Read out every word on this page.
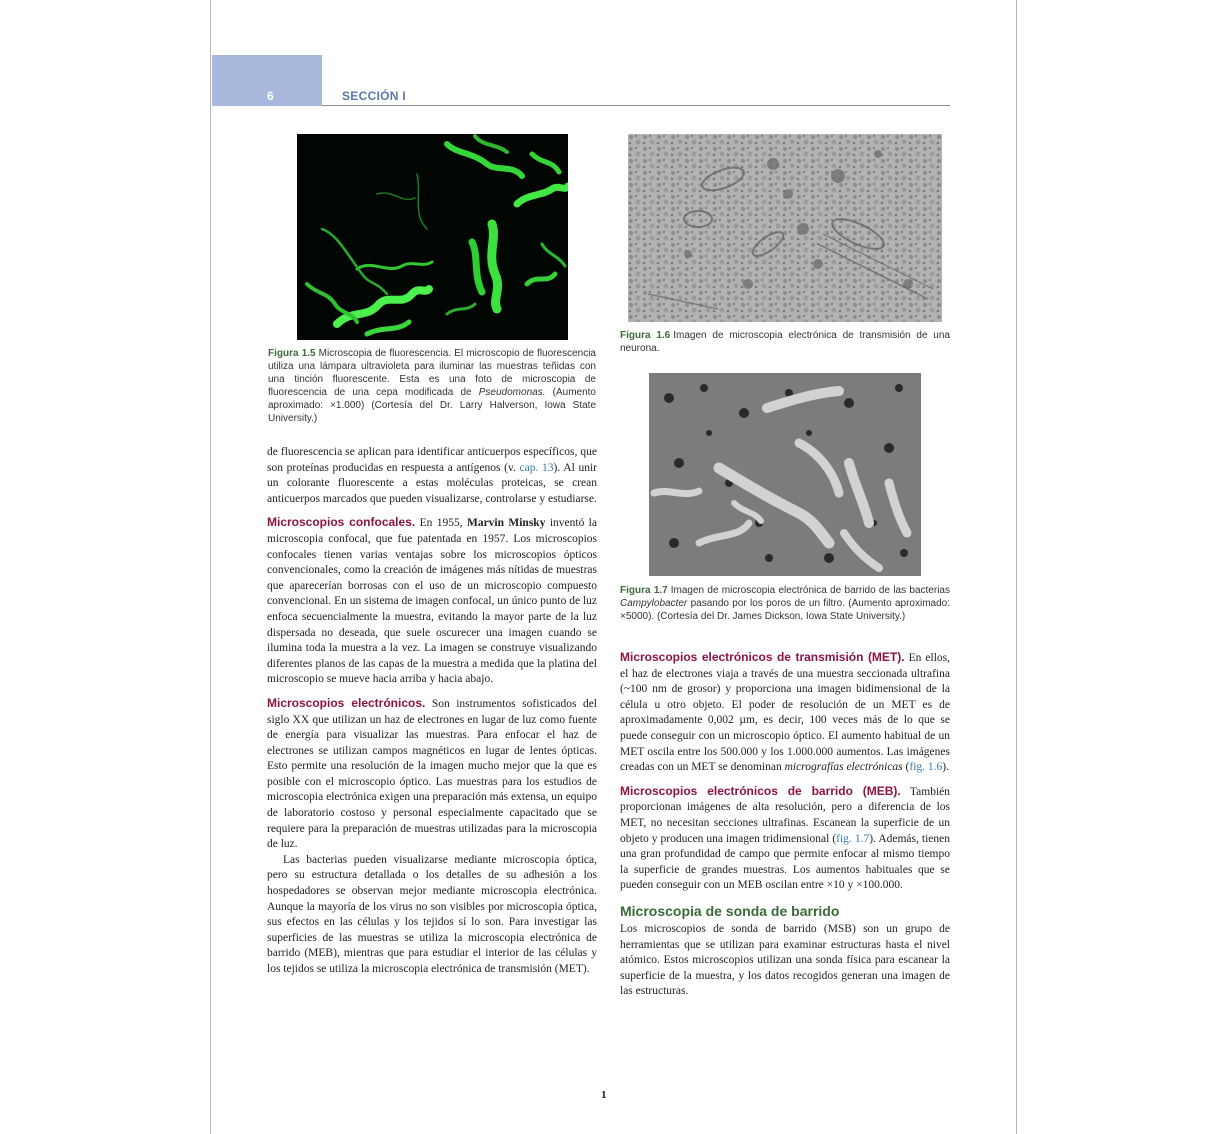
6	SECCIÓN I
Figura 1.5 Microscopia de fluorescencia. El microscopio de fluorescencia utiliza una lámpara ultravioleta para iluminar las muestras teñidas con una tinción fluorescente. Esta es una foto de microscopia de fluorescencia de una cepa modificada de Pseudomonas. (Aumento aproximado: ×1.000) (Cortesía del Dr. Larry Halverson, Iowa State University.)
Figura 1.6 Imagen de microscopia electrónica de transmisión de una neurona.
Figura 1.7 Imagen de microscopia electrónica de barrido de las bacterias Campylobacter pasando por los poros de un filtro. (Aumento aproximado: ×5000). (Cortesía del Dr. James Dickson, Iowa State University.)

de fluorescencia se aplican para identificar anticuerpos específicos, que son proteínas producidas en respuesta a antígenos (v. cap. 13). Al unir un colorante fluorescente a estas moléculas proteicas, se crean anticuerpos marcados que pueden visualizarse, controlarse y estudiarse.

Microscopios confocales. En 1955, Marvin Minsky inventó la microscopia confocal, que fue patentada en 1957. Los microscopios confocales tienen varias ventajas sobre los microscopios ópticos convencionales, como la creación de imágenes más nítidas de muestras que aparecerían borrosas con el uso de un microscopio compuesto convencional. En un sistema de imagen confocal, un único punto de luz enfoca secuencialmente la muestra, evitando la mayor parte de la luz dispersada no deseada, que suele oscurecer una imagen cuando se ilumina toda la muestra a la vez. La imagen se construye visualizando diferentes planos de las capas de la muestra a medida que la platina del microscopio se mueve hacia arriba y hacia abajo.

Microscopios electrónicos. Son instrumentos sofisticados del siglo XX que utilizan un haz de electrones en lugar de luz como fuente de energía para visualizar las muestras. Para enfocar el haz de electrones se utilizan campos magnéticos en lugar de lentes ópticas. Esto permite una resolución de la imagen mucho mejor que la que es posible con el microscopio óptico. Las muestras para los estudios de microscopia electrónica exigen una preparación más extensa, un equipo de laboratorio costoso y personal especialmente capacitado que se requiere para la preparación de muestras utilizadas para la microscopia de luz.

Las bacterias pueden visualizarse mediante microscopia óptica, pero su estructura detallada o los detalles de su adhesión a los hospedadores se observan mejor mediante microscopia electrónica. Aunque la mayoría de los virus no son visibles por microscopia óptica, sus efectos en las células y los tejidos sí lo son. Para investigar las superficies de las muestras se utiliza la microscopia electrónica de barrido (MEB), mientras que para estudiar el interior de las células y los tejidos se utiliza la microscopia electrónica de transmisión (MET).

Microscopios electrónicos de transmisión (MET). En ellos, el haz de electrones viaja a través de una muestra seccionada ultrafina (~100 nm de grosor) y proporciona una imagen bidimensional de la célula u otro objeto. El poder de resolución de un MET es de aproximadamente 0,002 µm, es decir, 100 veces más de lo que se puede conseguir con un microscopio óptico. El aumento habitual de un MET oscila entre los 500.000 y los 1.000.000 aumentos. Las imágenes creadas con un MET se denominan micrografías electrónicas (fig. 1.6).

Microscopios electrónicos de barrido (MEB). También proporcionan imágenes de alta resolución, pero a diferencia de los MET, no necesitan secciones ultrafinas. Escanean la superficie de un objeto y producen una imagen tridimensional (fig. 1.7). Además, tienen una gran profundidad de campo que permite enfocar al mismo tiempo la superficie de grandes muestras. Los aumentos habituales que se pueden conseguir con un MEB oscilan entre ×10 y ×100.000.

Microscopia de sonda de barrido

Los microscopios de sonda de barrido (MSB) son un grupo de herramientas que se utilizan para examinar estructuras hasta el nivel atómico. Estos microscopios utilizan una sonda física para escanear la superficie de la muestra, y los datos recogidos generan una imagen de las estructuras.

1
